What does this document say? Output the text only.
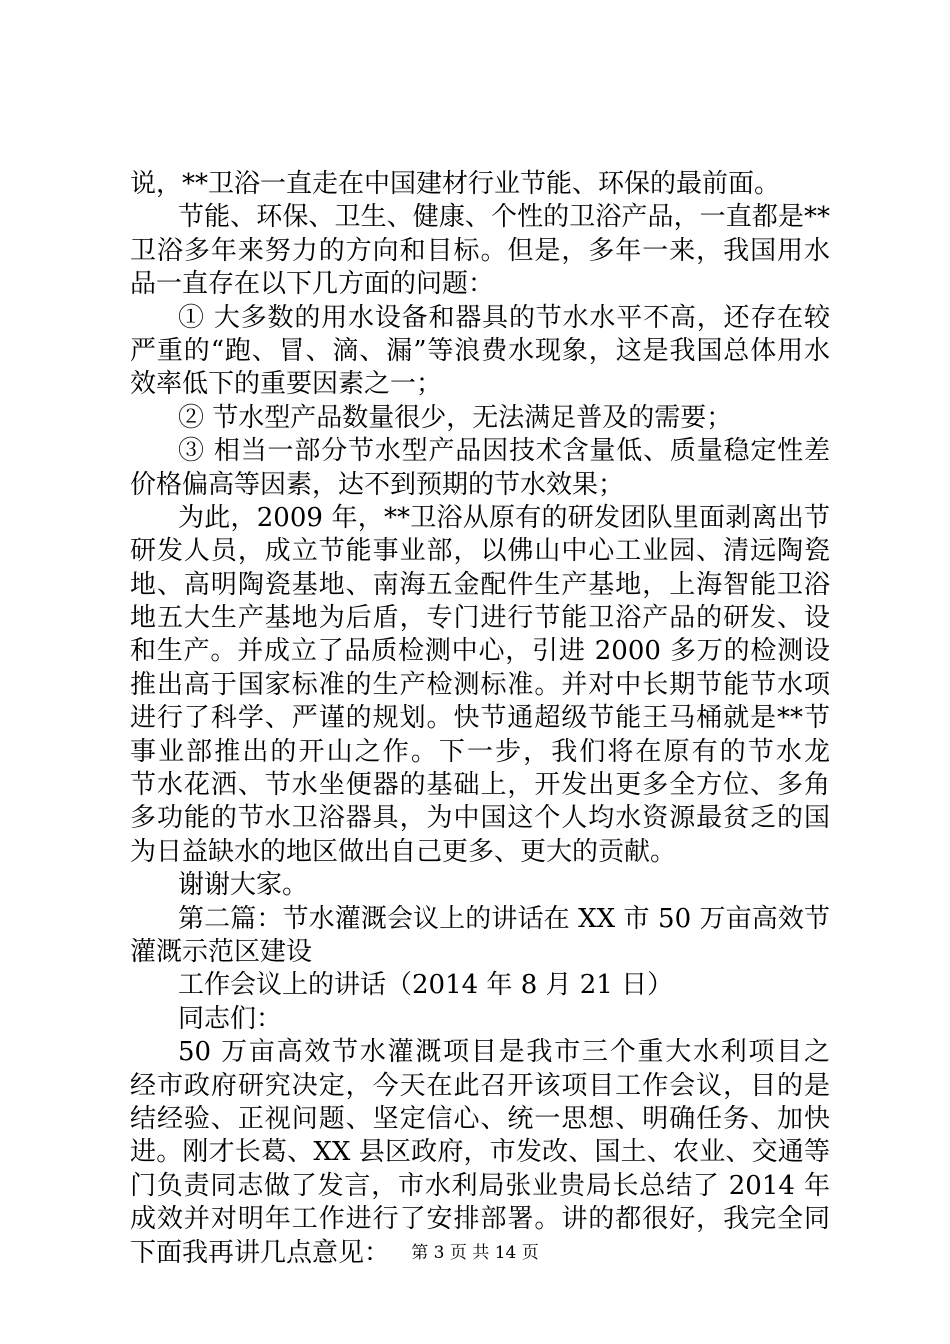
说，**卫浴一直走在中国建材行业节能、环保的最前面。
节能、环保、卫生、健康、个性的卫浴产品，一直都是**
卫浴多年来努力的方向和目标。但是，多年一来，我国用水
品一直存在以下几方面的问题：
① 大多数的用水设备和器具的节水水平不高，还存在较
严重的“跑、冒、滴、漏”等浪费水现象，这是我国总体用水
效率低下的重要因素之一；
② 节水型产品数量很少，无法满足普及的需要；
③ 相当一部分节水型产品因技术含量低、质量稳定性差
价格偏高等因素，达不到预期的节水效果；
为此，2009 年，**卫浴从原有的研发团队里面剥离出节
研发人员，成立节能事业部，以佛山中心工业园、清远陶瓷
地、高明陶瓷基地、南海五金配件生产基地，上海智能卫浴
地五大生产基地为后盾，专门进行节能卫浴产品的研发、设
和生产。并成立了品质检测中心，引进 2000 多万的检测设
推出高于国家标准的生产检测标准。并对中长期节能节水项
进行了科学、严谨的规划。快节通超级节能王马桶就是**节
事业部推出的开山之作。下一步，我们将在原有的节水龙
节水花洒、节水坐便器的基础上，开发出更多全方位、多角
多功能的节水卫浴器具，为中国这个人均水资源最贫乏的国
为日益缺水的地区做出自己更多、更大的贡献。
谢谢大家。
第二篇：节水灌溉会议上的讲话在 XX 市 50 万亩高效节
灌溉示范区建设
工作会议上的讲话（2014 年 8 月 21 日）
同志们：
50 万亩高效节水灌溉项目是我市三个重大水利项目之
经市政府研究决定，今天在此召开该项目工作会议，目的是
结经验、正视问题、坚定信心、统一思想、明确任务、加快
进。刚才长葛、XX 县区政府，市发改、国土、农业、交通等
门负责同志做了发言，市水利局张业贵局长总结了 2014 年
成效并对明年工作进行了安排部署。讲的都很好，我完全同
下面我再讲几点意见：	第 3 页 共 14 页
